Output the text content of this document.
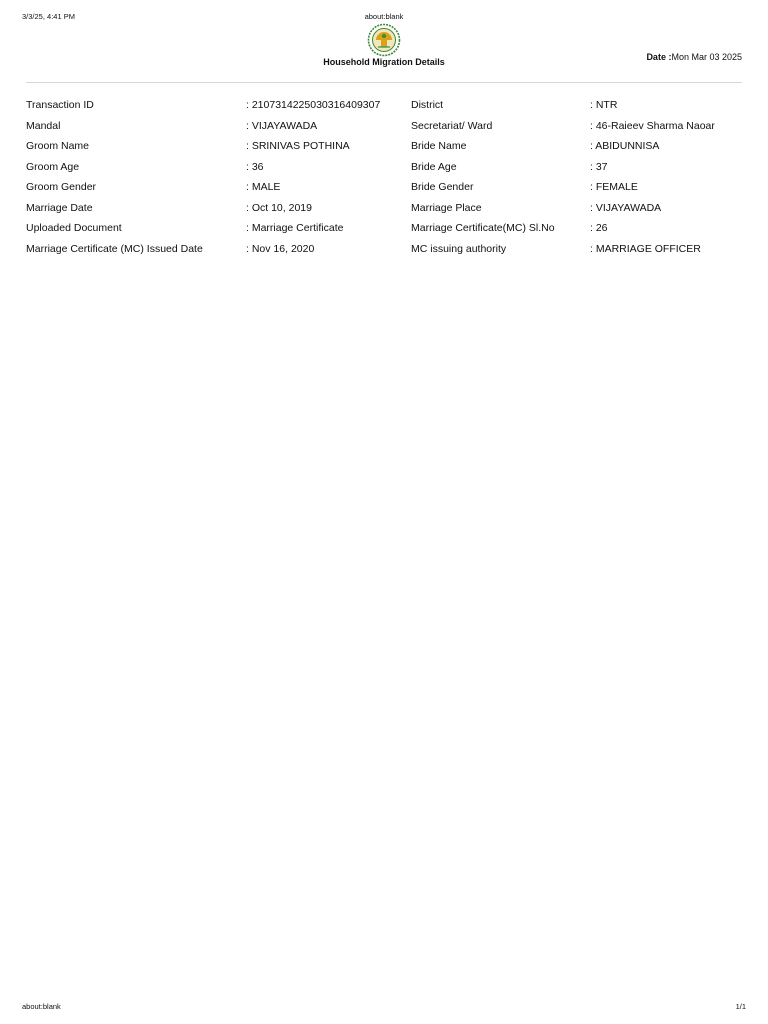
3/3/25, 4:41 PM	about:blank
Household Migration Details	Date :Mon Mar 03 2025
Transaction ID	: 210731422503031640930​7	District	: NTR
Mandal	: VIJAYAWADA	Secretariat/ Ward	: 46-Raieev Sharma Naoar
Groom Name	: SRINIVAS POTHINA	Bride Name	: ABIDUNNISA
Groom Age	: 36	Bride Age	: 37
Groom Gender	: MALE	Bride Gender	: FEMALE
Marriage Date	: Oct 10, 2019	Marriage Place	: VIJAYAWADA
Uploaded Document	: Marriage Certificate	Marriage Certificate(MC) Sl.No	: 26
Marriage Certificate (MC) Issued Date	: Nov 16, 2020	MC issuing authority	: MARRIAGE OFFICER
about:blank	1/1
